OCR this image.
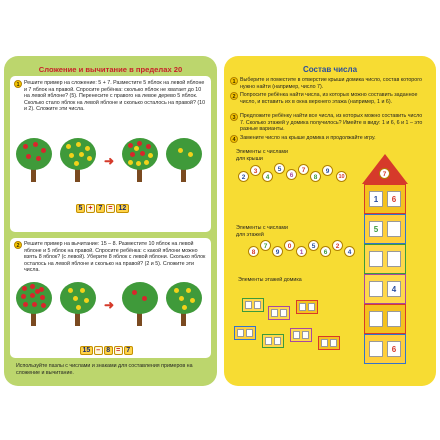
Сложение и вычитание в пределах 20
1 Решите пример на сложение: 5 + 7. Разместите 5 яблок на левой яблоне и 7 яблок на правой. Спросите ребёнка: сколько яблок не хватает до 10 на левой яблоне? (5). Перенесите с правого на левое дерево 5 яблок. Сколько стало яблок на левой яблоне и сколько осталось на правой? (10 и 2). Сложите эти числа.
➜
5 + 7 = 12
2 Решите пример на вычитание: 15 – 8. Разместите 10 яблок на левой яблоне и 5 яблок на правой. Спросите ребёнка: с какой яблони можно взять 8 яблок? (с левой). Уберите 8 яблок с левой яблони. Сколько яблок осталось на левой яблоне и сколько на правой? (2 и 5). Сложите эти числа.
➜
15 – 8 = 7
Используйте пазлы с числами и знаками для составления примеров на сложение и вычитание.
Состав числа
1 Выберите и поместите в отверстие крыши домика число, состав которого нужно найти (например, число 7).
2 Попросите ребёнка найти числа, из которых можно составить заданное число, и вставить их в окна верхнего этажа (например, 1 и 6).
3 Предложите ребёнку найти все числа, из которых можно составить число 7. Сколько этажей у домика получилось? Имейте в виду: 1 и 6, 6 и 1 – это разные варианты.
4 Замените число на крыше домика и продолжайте игру.
Элементы с числами для крыши
2
3
4
5
6
7
8
9
10
Элементы с числами для этажей
8
7
9
0
1
5
6
2
4
Элементы этажей домика
7
1	6
5
4
6
